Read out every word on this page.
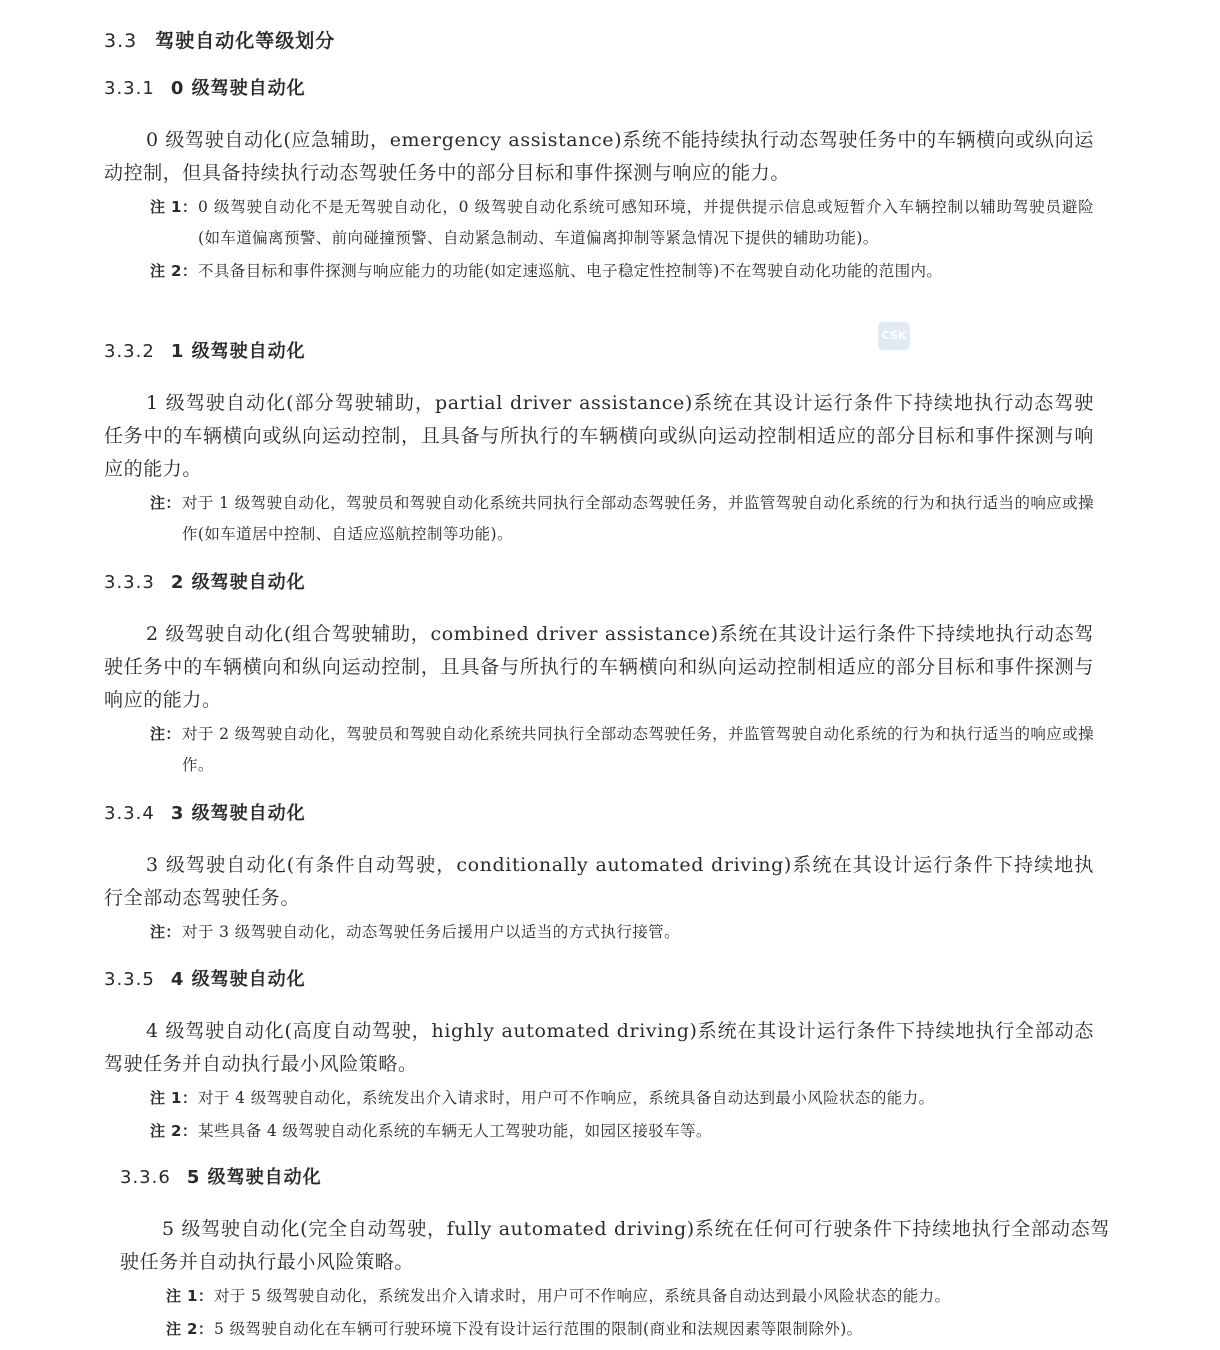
3.3 驾驶自动化等级划分
CSK
3.3.1 0 级驾驶自动化
0 级驾驶自动化(应急辅助，emergency assistance)系统不能持续执行动态驾驶任务中的车辆横向或纵向运动控制，但具备持续执行动态驾驶任务中的部分目标和事件探测与响应的能力。
注 1： 0 级驾驶自动化不是无驾驶自动化，0 级驾驶自动化系统可感知环境，并提供提示信息或短暂介入车辆控制以辅助驾驶员避险(如车道偏离预警、前向碰撞预警、自动紧急制动、车道偏离抑制等紧急情况下提供的辅助功能)。
注 2： 不具备目标和事件探测与响应能力的功能(如定速巡航、电子稳定性控制等)不在驾驶自动化功能的范围内。
3.3.2 1 级驾驶自动化
1 级驾驶自动化(部分驾驶辅助，partial driver assistance)系统在其设计运行条件下持续地执行动态驾驶任务中的车辆横向或纵向运动控制，且具备与所执行的车辆横向或纵向运动控制相适应的部分目标和事件探测与响应的能力。
注： 对于 1 级驾驶自动化，驾驶员和驾驶自动化系统共同执行全部动态驾驶任务，并监管驾驶自动化系统的行为和执行适当的响应或操作(如车道居中控制、自适应巡航控制等功能)。
3.3.3 2 级驾驶自动化
2 级驾驶自动化(组合驾驶辅助，combined driver assistance)系统在其设计运行条件下持续地执行动态驾驶任务中的车辆横向和纵向运动控制，且具备与所执行的车辆横向和纵向运动控制相适应的部分目标和事件探测与响应的能力。
注： 对于 2 级驾驶自动化，驾驶员和驾驶自动化系统共同执行全部动态驾驶任务，并监管驾驶自动化系统的行为和执行适当的响应或操作。
3.3.4 3 级驾驶自动化
3 级驾驶自动化(有条件自动驾驶，conditionally automated driving)系统在其设计运行条件下持续地执行全部动态驾驶任务。
注： 对于 3 级驾驶自动化，动态驾驶任务后援用户以适当的方式执行接管。
3.3.5 4 级驾驶自动化
4 级驾驶自动化(高度自动驾驶，highly automated driving)系统在其设计运行条件下持续地执行全部动态驾驶任务并自动执行最小风险策略。
注 1： 对于 4 级驾驶自动化，系统发出介入请求时，用户可不作响应，系统具备自动达到最小风险状态的能力。
注 2： 某些具备 4 级驾驶自动化系统的车辆无人工驾驶功能，如园区接驳车等。
3.3.6 5 级驾驶自动化
5 级驾驶自动化(完全自动驾驶，fully automated driving)系统在任何可行驶条件下持续地执行全部动态驾驶任务并自动执行最小风险策略。
注 1： 对于 5 级驾驶自动化，系统发出介入请求时，用户可不作响应，系统具备自动达到最小风险状态的能力。
注 2： 5 级驾驶自动化在车辆可行驶环境下没有设计运行范围的限制(商业和法规因素等限制除外)。
